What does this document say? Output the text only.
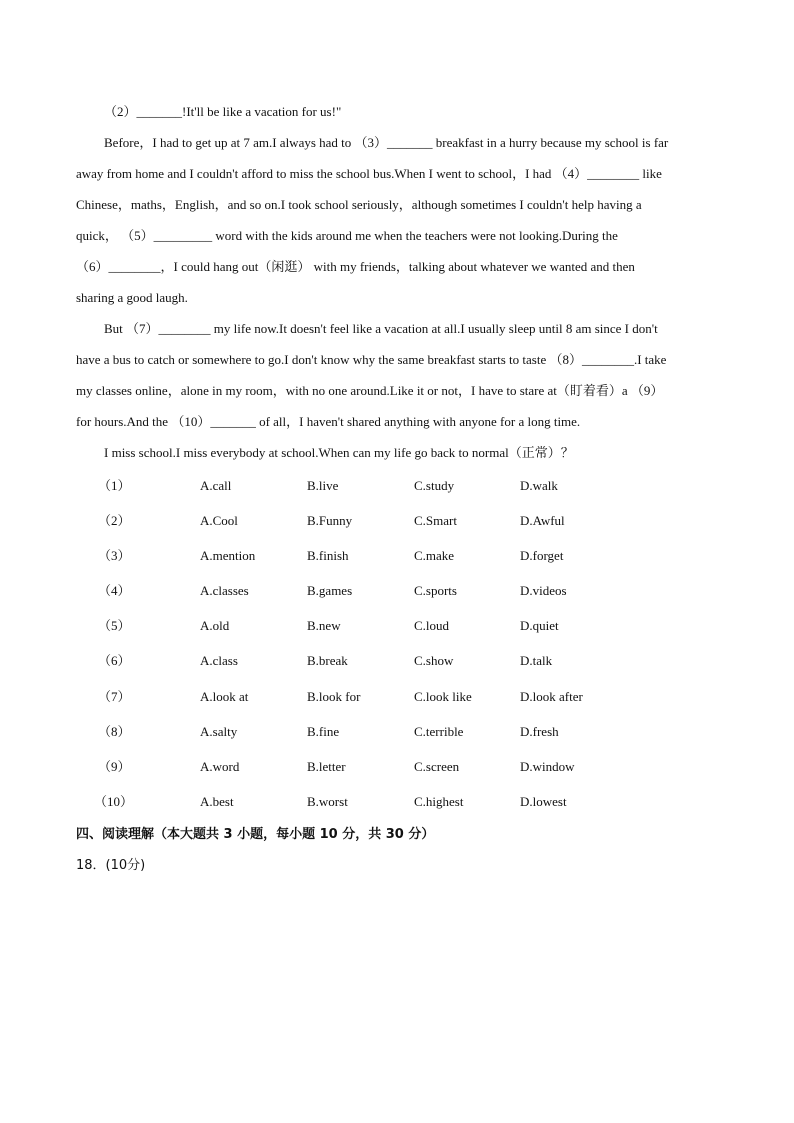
（2）_______!It'll be like a vacation for us!"

Before，I had to get up at 7 am.I always had to （3）_______ breakfast in a hurry because my school is far
away from home and I couldn't afford to miss the school bus.When I went to school，I had （4）________ like
Chinese，maths，English，and so on.I took school seriously，although sometimes I couldn't help having a
quick， （5）_________ word with the kids around me when the teachers were not looking.During the
（6）________，I could hang out（闲逛） with my friends，talking about whatever we wanted and then
sharing a good laugh.

But （7）________ my life now.It doesn't feel like a vacation at all.I usually sleep until 8 am since I don't
have a bus to catch or somewhere to go.I don't know why the same breakfast starts to taste （8）________.I take
my classes online，alone in my room，with no one around.Like it or not，I have to stare at（盯着看）a （9）
for hours.And the （10）_______ of all，I haven't shared anything with anyone for a long time.

I miss school.I miss everybody at school.When can my life go back to normal（正常）？

（1）	A.call	B.live	C.study	D.walk
（2）	A.Cool	B.Funny	C.Smart	D.Awful
（3）	A.mention	B.finish	C.make	D.forget
（4）	A.classes	B.games	C.sports	D.videos
（5）	A.old	B.new	C.loud	D.quiet
（6）	A.class	B.break	C.show	D.talk
（7）	A.look at	B.look for	C.look like	D.look after
（8）	A.salty	B.fine	C.terrible	D.fresh
（9）	A.word	B.letter	C.screen	D.window
（10）	A.best	B.worst	C.highest	D.lowest

四、阅读理解（本大题共 3 小题，每小题 10 分，共 30 分）

18．(10分)
